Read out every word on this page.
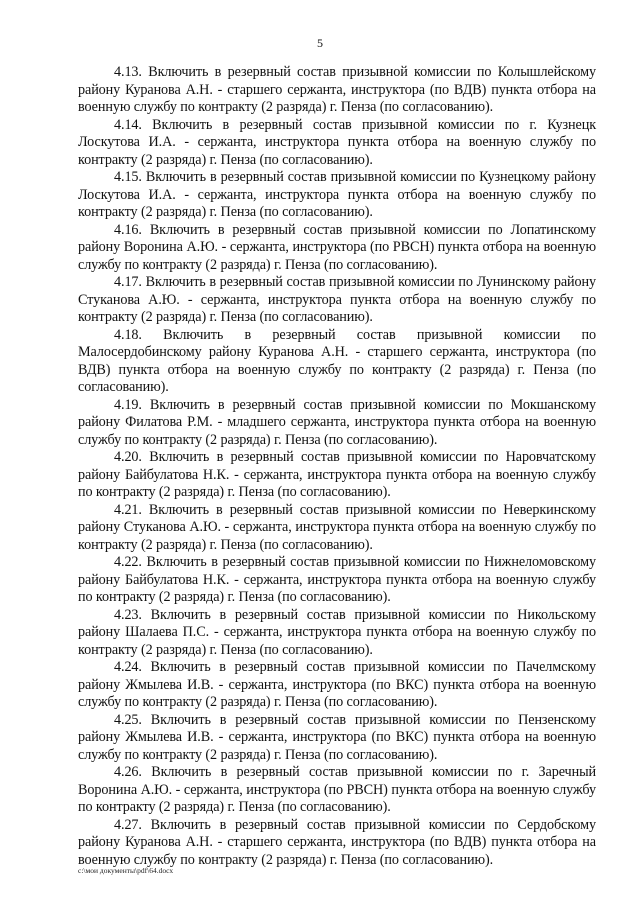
5

4.13. Включить в резервный состав призывной комиссии по Колышлейскому району Куранова А.Н. - старшего сержанта, инструктора (по ВДВ) пункта отбора на военную службу по контракту (2 разряда) г. Пенза (по согласованию).

4.14. Включить в резервный состав призывной комиссии по г. Кузнецк Лоскутова И.А. - сержанта, инструктора пункта отбора на военную службу по контракту (2 разряда) г. Пенза (по согласованию).

4.15. Включить в резервный состав призывной комиссии по Кузнецкому району Лоскутова И.А. - сержанта, инструктора пункта отбора на военную службу по контракту (2 разряда) г. Пенза (по согласованию).

4.16. Включить в резервный состав призывной комиссии по Лопатинскому району Воронина А.Ю. - сержанта, инструктора (по РВСН) пункта отбора на военную службу по контракту (2 разряда) г. Пенза (по согласованию).

4.17. Включить в резервный состав призывной комиссии по Лунинскому району Стуканова А.Ю. - сержанта, инструктора пункта отбора на военную службу по контракту (2 разряда) г. Пенза (по согласованию).

4.18. Включить в резервный состав призывной комиссии по Малосердобинскому району Куранова А.Н. - старшего сержанта, инструктора (по ВДВ) пункта отбора на военную службу по контракту (2 разряда) г. Пенза (по согласованию).

4.19. Включить в резервный состав призывной комиссии по Мокшанскому району Филатова Р.М. - младшего сержанта, инструктора пункта отбора на военную службу по контракту (2 разряда) г. Пенза (по согласованию).

4.20. Включить в резервный состав призывной комиссии по Наровчатскому району Байбулатова Н.К. - сержанта, инструктора пункта отбора на военную службу по контракту (2 разряда) г. Пенза (по согласованию).

4.21. Включить в резервный состав призывной комиссии по Неверкинскому району Стуканова А.Ю. - сержанта, инструктора пункта отбора на военную службу по контракту (2 разряда) г. Пенза (по согласованию).

4.22. Включить в резервный состав призывной комиссии по Нижнеломовскому району Байбулатова Н.К. - сержанта, инструктора пункта отбора на военную службу по контракту (2 разряда) г. Пенза (по согласованию).

4.23. Включить в резервный состав призывной комиссии по Никольскому району Шалаева П.С. - сержанта, инструктора пункта отбора на военную службу по контракту (2 разряда) г. Пенза (по согласованию).

4.24. Включить в резервный состав призывной комиссии по Пачелмскому району Жмылева И.В. - сержанта, инструктора (по ВКС) пункта отбора на военную службу по контракту (2 разряда) г. Пенза (по согласованию).

4.25. Включить в резервный состав призывной комиссии по Пензенскому району Жмылева И.В. - сержанта, инструктора (по ВКС) пункта отбора на военную службу по контракту (2 разряда) г. Пенза (по согласованию).

4.26. Включить в резервный состав призывной комиссии по г. Заречный Воронина А.Ю. - сержанта, инструктора (по РВСН) пункта отбора на военную службу по контракту (2 разряда) г. Пенза (по согласованию).

4.27. Включить в резервный состав призывной комиссии по Сердобскому району Куранова А.Н. - старшего сержанта, инструктора (по ВДВ) пункта отбора на военную службу по контракту (2 разряда) г. Пенза (по согласованию).

c:\мои документы\pdf\64.docx
